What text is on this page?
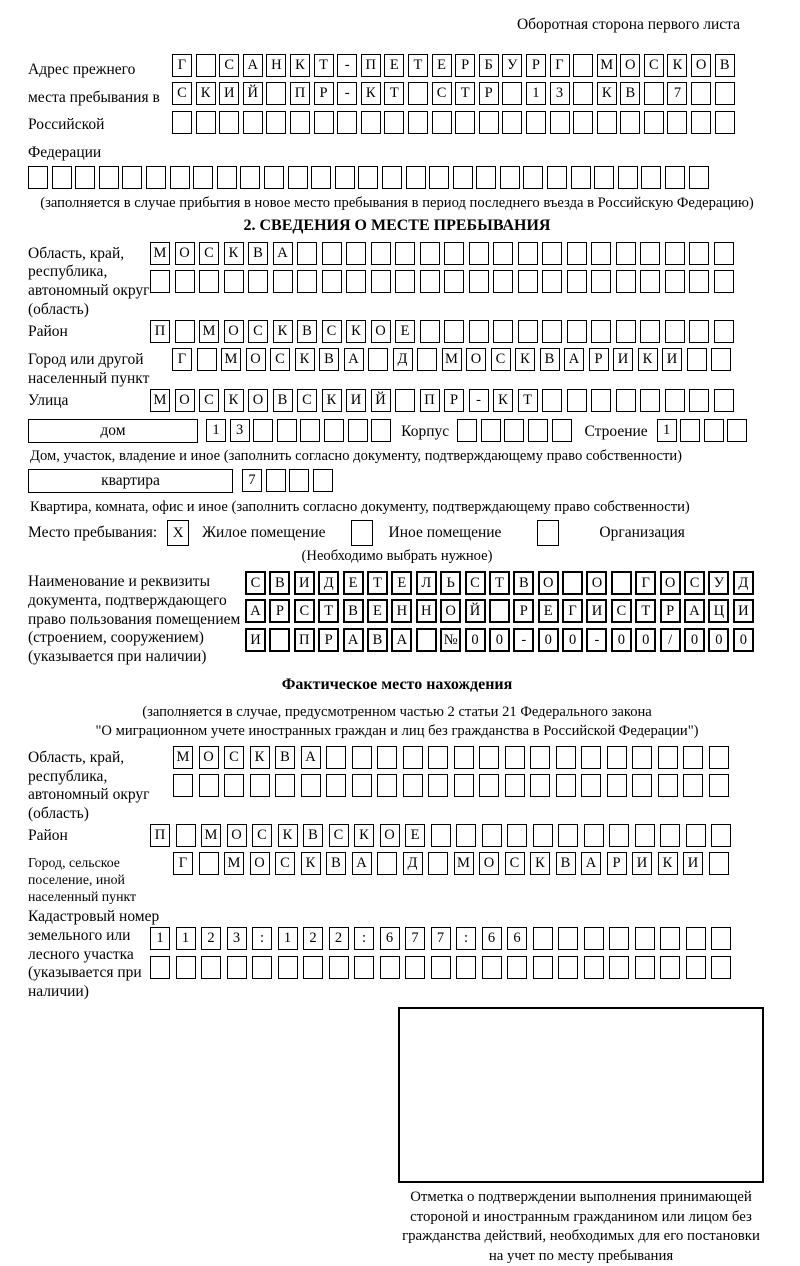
Оборотная сторона первого листа
Адрес прежнего места пребывания в Российской Федерации
Г	С А Н К Т	-	П Е	Т	Е	Р	Б У Р	Г	М О С К О В
С К И Й	П Р	-	К Т	С Т	Р	1	3	К В	7
(заполняется в случае прибытия в новое место пребывания в период последнего въезда в Российскую Федерацию)
2. СВЕДЕНИЯ О МЕСТЕ ПРЕБЫВАНИЯ
Область, край, республика, автономный округ (область)
М О С	К	В А
Район	П	М О С	К	В	С	К О	Е
Город или другой населенный пункт
Г	М О С	К	В А	Д	М О С	К	В А	Р	И К И
Улица	М О С	К О В	С	К И Й	П	Р	-	К	Т
дом	1	3	Корпус	Строение	1
Дом, участок, владение и иное (заполнить согласно документу, подтверждающему право собственности)
квартира	7
Квартира, комната, офис и иное (заполнить согласно документу, подтверждающему право собственности)
Место пребывания:	X	Жилое помещение	Иное помещение	Организация
(Необходимо выбрать нужное)
Наименование и реквизиты документа, подтверждающего право пользования помещением (строением, сооружением) (указывается при наличии)
С	В И Д	Е	Т	Е	Л	Ь	С	Т	В О	О	Г	О С У Д
А	Р	С	Т	В	Е	Н Н О Й	Р	Е	Г	И С	Т	Р	А Ц И
И	П	Р	А В А	№ 0	0	-	0	0	-	0	0	/	0	0	0
Фактическое место нахождения
(заполняется в случае, предусмотренном частью 2 статьи 21 Федерального закона
"О миграционном учете иностранных граждан и лиц без гражданства в Российской Федерации")
Область, край, республика, автономный округ (область)
М О	С	К	В	А
Район	П	М О	С	К	В	С	К	О	Е
Город, сельское поселение, иной населенный пункт
Г	М О	С	К	В	А	Д	М О	С	К	В	А	Р	И	К	И
Кадастровый номер земельного или лесного участка (указывается при наличии)
1	1	2	3	:	1	2	2	:	6	7	7	:	6	6
Отметка о подтверждении выполнения принимающей стороной и иностранным гражданином или лицом без гражданства действий, необходимых для его постановки на учет по месту пребывания
